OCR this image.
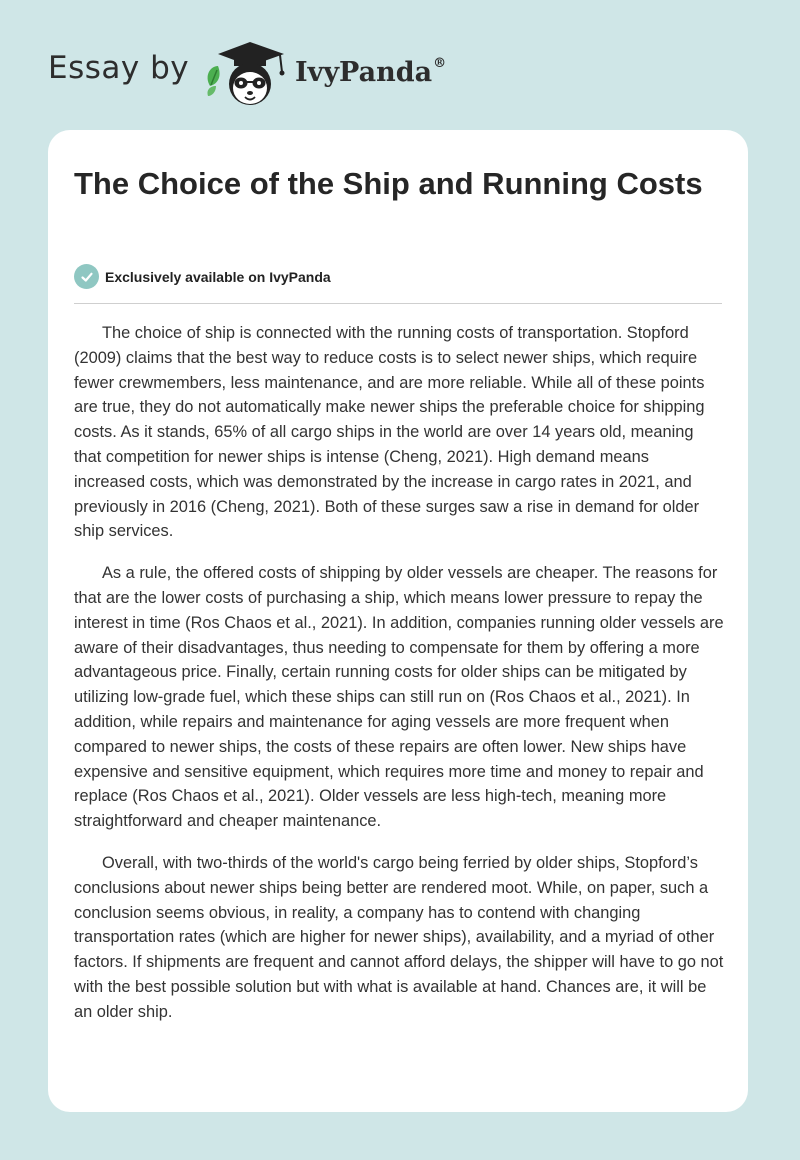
Essay by	IvyPanda®
The Choice of the Ship and Running Costs
Exclusively available on IvyPanda

The choice of ship is connected with the running costs of transportation. Stopford (2009) claims that the best way to reduce costs is to select newer ships, which require fewer crewmembers, less maintenance, and are more reliable. While all of these points are true, they do not automatically make newer ships the preferable choice for shipping costs. As it stands, 65% of all cargo ships in the world are over 14 years old, meaning that competition for newer ships is intense (Cheng, 2021). High demand means increased costs, which was demonstrated by the increase in cargo rates in 2021, and previously in 2016 (Cheng, 2021). Both of these surges saw a rise in demand for older ship services.

As a rule, the offered costs of shipping by older vessels are cheaper. The reasons for that are the lower costs of purchasing a ship, which means lower pressure to repay the interest in time (Ros Chaos et al., 2021). In addition, companies running older vessels are aware of their disadvantages, thus needing to compensate for them by offering a more advantageous price. Finally, certain running costs for older ships can be mitigated by utilizing low-grade fuel, which these ships can still run on (Ros Chaos et al., 2021). In addition, while repairs and maintenance for aging vessels are more frequent when compared to newer ships, the costs of these repairs are often lower. New ships have expensive and sensitive equipment, which requires more time and money to repair and replace (Ros Chaos et al., 2021). Older vessels are less high-tech, meaning more straightforward and cheaper maintenance.

Overall, with two-thirds of the world's cargo being ferried by older ships, Stopford’s conclusions about newer ships being better are rendered moot. While, on paper, such a conclusion seems obvious, in reality, a company has to contend with changing transportation rates (which are higher for newer ships), availability, and a myriad of other factors. If shipments are frequent and cannot afford delays, the shipper will have to go not with the best possible solution but with what is available at hand. Chances are, it will be an older ship.
